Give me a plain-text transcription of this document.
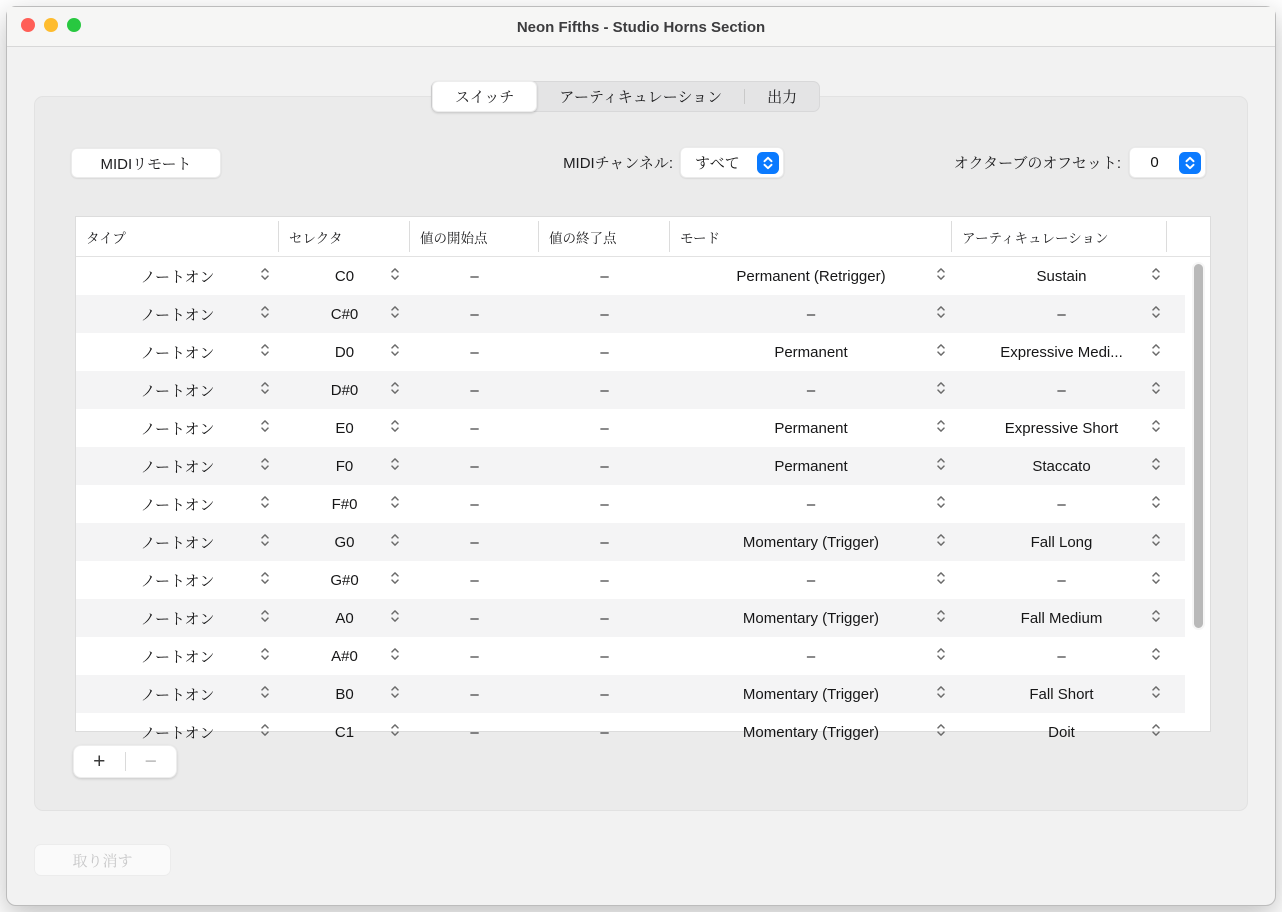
Neon Fifths - Studio Horns Section
スイッチ	アーティキュレーション	出力
MIDIリモート	MIDIチャンネル: すべて	オクターブのオフセット:	0
タイプ	セレクタ	値の開始点	値の終了点	モード	アーティキュレーション
ノートオン	C0	–	–	Permanent (Retrigger)	Sustain
ノートオン	C#0	–	–	–	–
ノートオン	D0	–	–	Permanent	Expressive Medi...
ノートオン	D#0	–	–	–	–
ノートオン	E0	–	–	Permanent	Expressive Short
ノートオン	F0	–	–	Permanent	Staccato
ノートオン	F#0	–	–	–	–
ノートオン	G0	–	–	Momentary (Trigger)	Fall Long
ノートオン	G#0	–	–	–	–
ノートオン	A0	–	–	Momentary (Trigger)	Fall Medium
ノートオン	A#0	–	–	–	–
ノートオン	B0	–	–	Momentary (Trigger)	Fall Short
ノートオン	C1	–	–	Momentary (Trigger)	Doit
+	−
取り消す
